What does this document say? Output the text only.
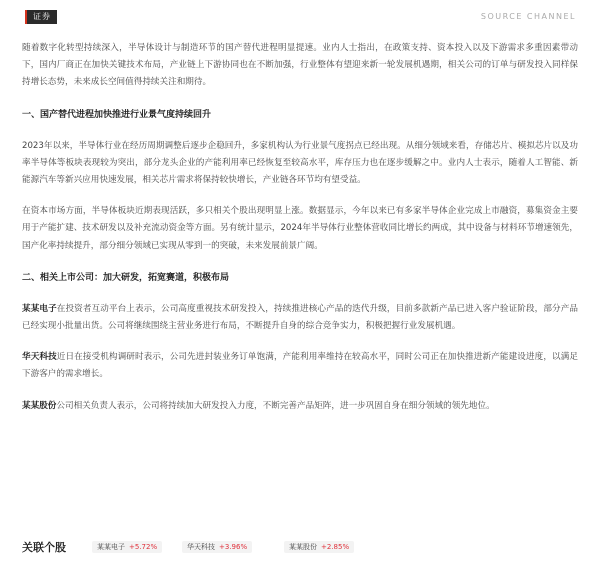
证券	SOURCE CHANNEL

随着数字化转型持续深入，半导体设计与制造环节的国产替代进程明显提速。业内人士指出，在政策支持、资本投入以及下游需求多重因素带动下，国内厂商正在加快关键技术布局，产业链上下游协同也在不断加强，行业整体有望迎来新一轮发展机遇期，相关公司的订单与研发投入同样保持增长态势，未来成长空间值得持续关注和期待。

一、国产替代进程加快推进行业景气度持续回升

2023年以来，半导体行业在经历周期调整后逐步企稳回升，多家机构认为行业景气度拐点已经出现。从细分领域来看，存储芯片、模拟芯片以及功率半导体等板块表现较为突出，部分龙头企业的产能利用率已经恢复至较高水平，库存压力也在逐步缓解之中。业内人士表示，随着人工智能、新能源汽车等新兴应用快速发展，相关芯片需求将保持较快增长，产业链各环节均有望受益。

在资本市场方面，半导体板块近期表现活跃，多只相关个股出现明显上涨。数据显示，今年以来已有多家半导体企业完成上市融资，募集资金主要用于产能扩建、技术研发以及补充流动资金等方面。另有统计显示，2024年半导体行业整体营收同比增长约两成，其中设备与材料环节增速领先，国产化率持续提升，部分细分领域已实现从零到一的突破，未来发展前景广阔。

二、相关上市公司：加大研发，拓宽赛道，积极布局

某某电子在投资者互动平台上表示，公司高度重视技术研发投入，持续推进核心产品的迭代升级，目前多款新产品已进入客户验证阶段，部分产品已经实现小批量出货。公司将继续围绕主营业务进行布局，不断提升自身的综合竞争实力，积极把握行业发展机遇。

华天科技近日在接受机构调研时表示，公司先进封装业务订单饱满，产能利用率维持在较高水平，同时公司正在加快推进新产能建设进度，以满足下游客户的需求增长。

某某股份公司相关负责人表示，公司将持续加大研发投入力度，不断完善产品矩阵，进一步巩固自身在细分领域的领先地位。

关联个股	某某电子 +5.72%	华天科技 +3.96%	某某股份 +2.85%
